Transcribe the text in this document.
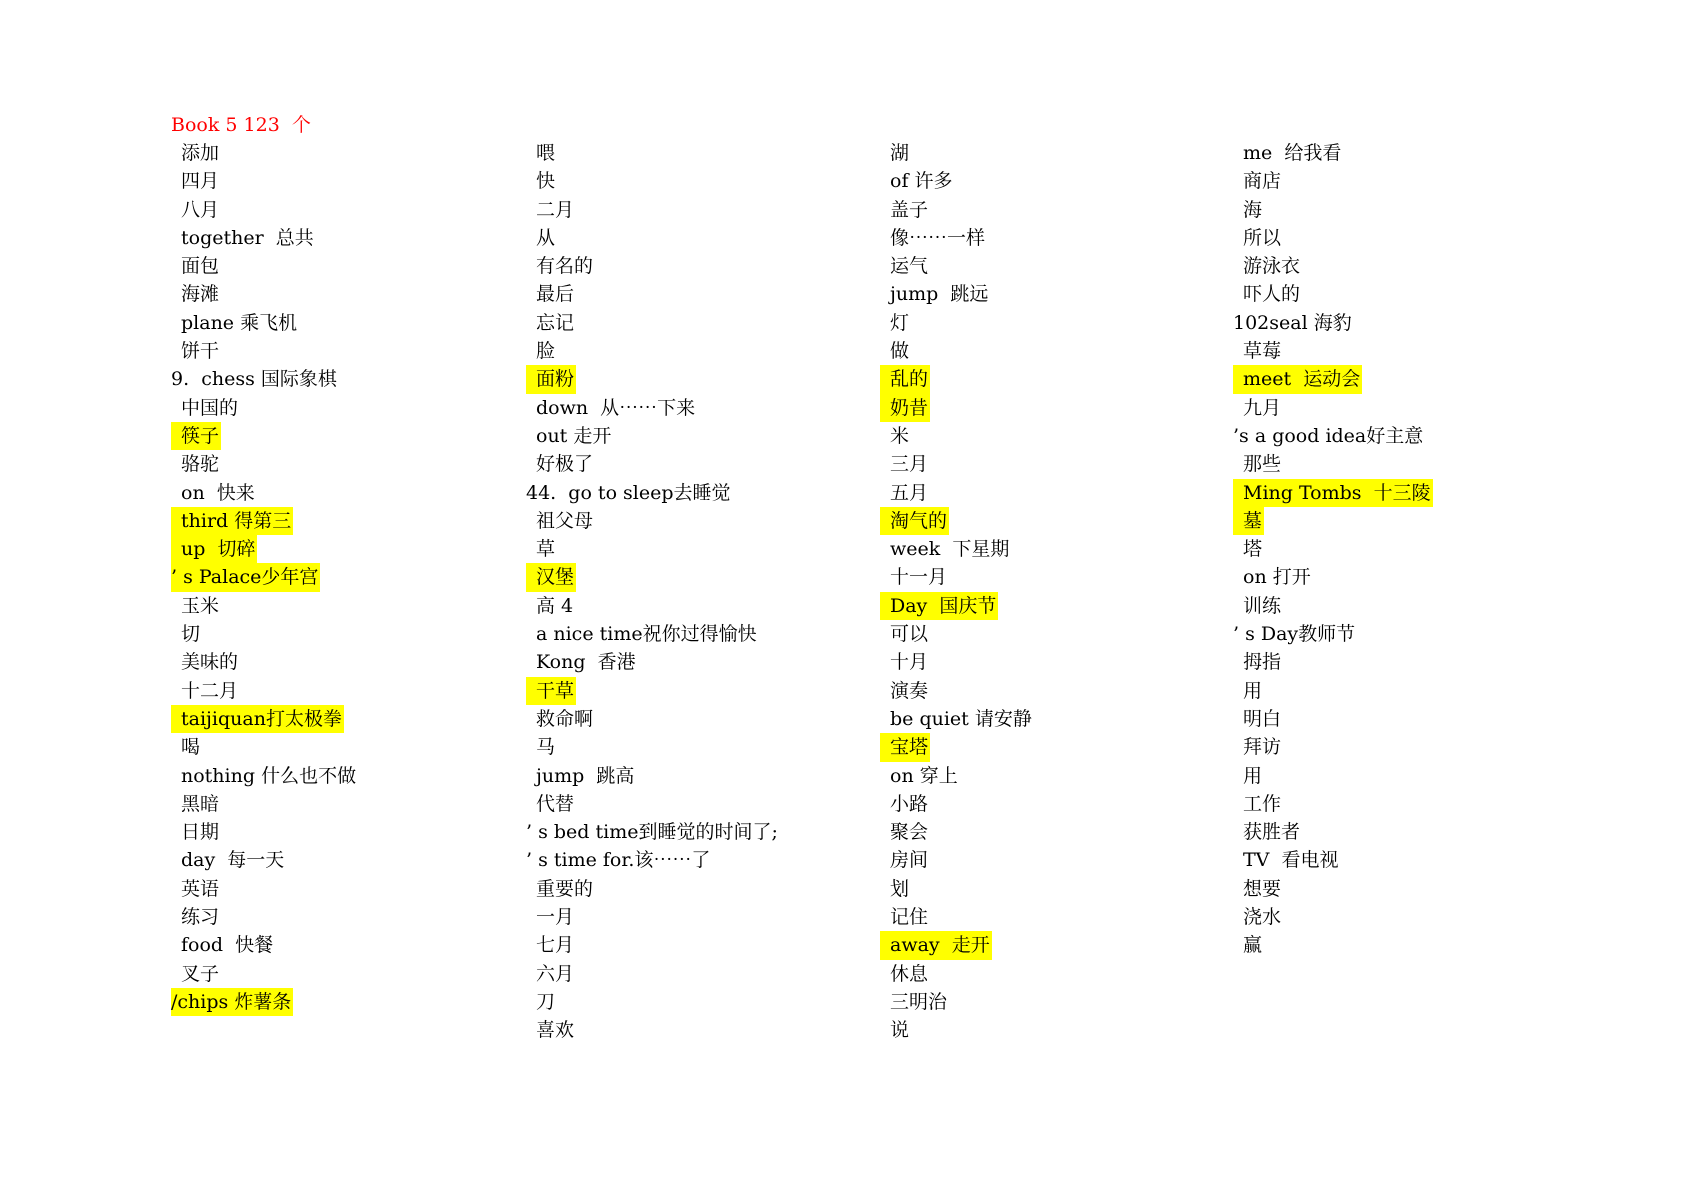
Book 5 123  个
添加
四月
八月
together  总共
面包
海滩
plane 乘飞机
饼干
9.  chess 国际象棋
中国的
筷子
骆驼
on  快来
third 得第三
up  切碎
’ s Palace少年宫
玉米
切
美味的
十二月
taijiquan打太极拳
喝
nothing 什么也不做
黑暗
日期
day  每一天
英语
练习
food  快餐
叉子
/chips 炸薯条
喂
快
二月
从
有名的
最后
忘记
脸
面粉
down  从⋯⋯下来
out 走开
好极了
44.  go to sleep去睡觉
祖父母
草
汉堡
高 4
a nice time祝你过得愉快
Kong  香港
干草
救命啊
马
jump  跳高
代替
’ s bed time到睡觉的时间了;
’ s time for.该⋯⋯了
重要的
一月
七月
六月
刀
喜欢
湖
of 许多
盖子
像⋯⋯一样
运气
jump  跳远
灯
做
乱的
奶昔
米
三月
五月
淘气的
week  下星期
十一月
Day  国庆节
可以
十月
演奏
be quiet 请安静
宝塔
on 穿上
小路
聚会
房间
划
记住
away  走开
休息
三明治
说
me  给我看
商店
海
所以
游泳衣
吓人的
102seal 海豹
草莓
meet  运动会
九月
’s a good idea好主意
那些
Ming Tombs  十三陵
墓
塔
on 打开
训练
’ s Day教师节
拇指
用
明白
拜访
用
工作
获胜者
TV  看电视
想要
浇水
赢
